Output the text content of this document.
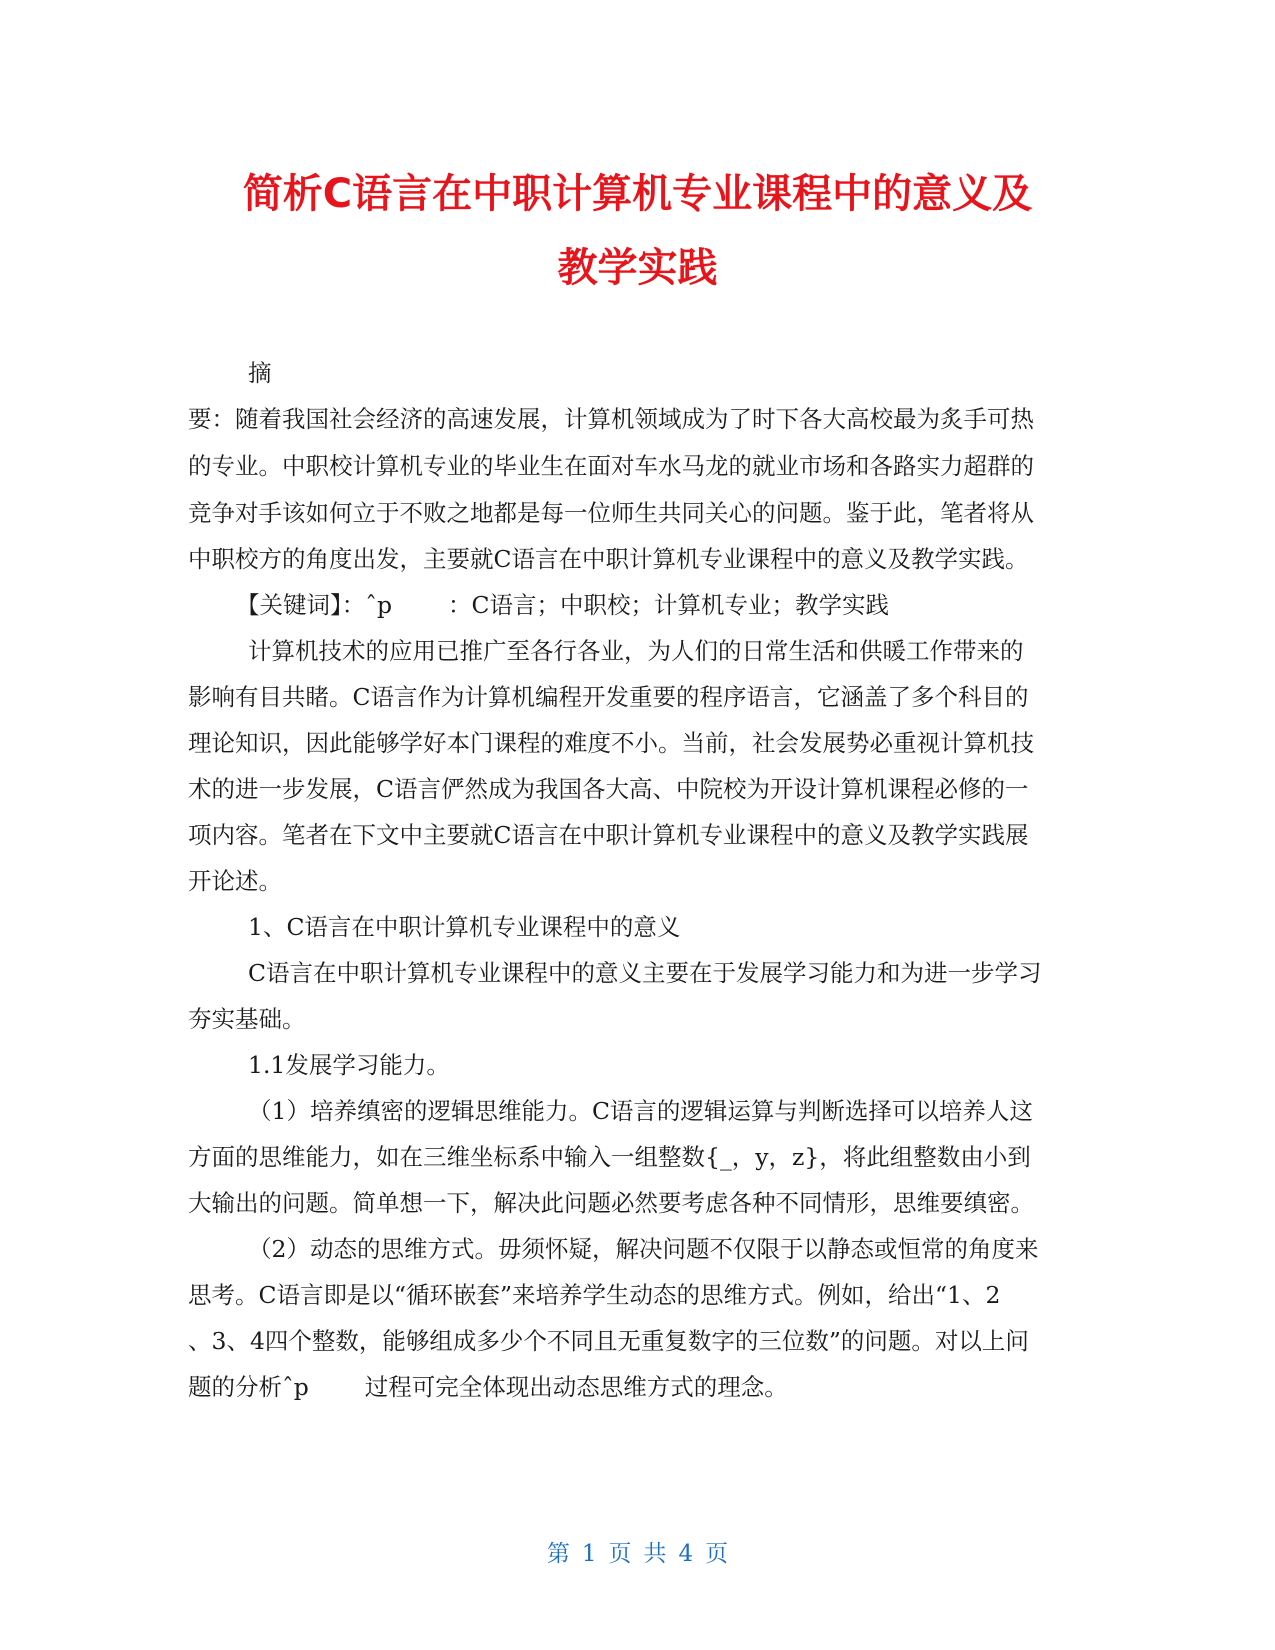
简析C语言在中职计算机专业课程中的意义及
教学实践
摘
要：随着我国社会经济的高速发展，计算机领域成为了时下各大高校最为炙手可热
的专业。中职校计算机专业的毕业生在面对车水马龙的就业市场和各路实力超群的
竞争对手该如何立于不败之地都是每一位师生共同关心的问题。鉴于此，笔者将从
中职校方的角度出发，主要就C语言在中职计算机专业课程中的意义及教学实践。
【关键词】：ˆp ：C语言；中职校；计算机专业；教学实践
计算机技术的应用已推广至各行各业，为人们的日常生活和供暖工作带来的
影响有目共睹。C语言作为计算机编程开发重要的程序语言，它涵盖了多个科目的
理论知识，因此能够学好本门课程的难度不小。当前，社会发展势必重视计算机技
术的进一步发展，C语言俨然成为我国各大高、中院校为开设计算机课程必修的一
项内容。笔者在下文中主要就C语言在中职计算机专业课程中的意义及教学实践展
开论述。
1、C语言在中职计算机专业课程中的意义
C语言在中职计算机专业课程中的意义主要在于发展学习能力和为进一步学习
夯实基础。
1.1发展学习能力。
（1）培养缜密的逻辑思维能力。C语言的逻辑运算与判断选择可以培养人这
方面的思维能力，如在三维坐标系中输入一组整数{_，y，z}，将此组整数由小到
大输出的问题。简单想一下，解决此问题必然要考虑各种不同情形，思维要缜密。
（2）动态的思维方式。毋须怀疑，解决问题不仅限于以静态或恒常的角度来
思考。C语言即是以“循环嵌套”来培养学生动态的思维方式。例如，给出“1、2
、3、4四个整数，能够组成多少个不同且无重复数字的三位数”的问题。对以上问
题的分析ˆp 过程可完全体现出动态思维方式的理念。
第 1 页 共 4 页
